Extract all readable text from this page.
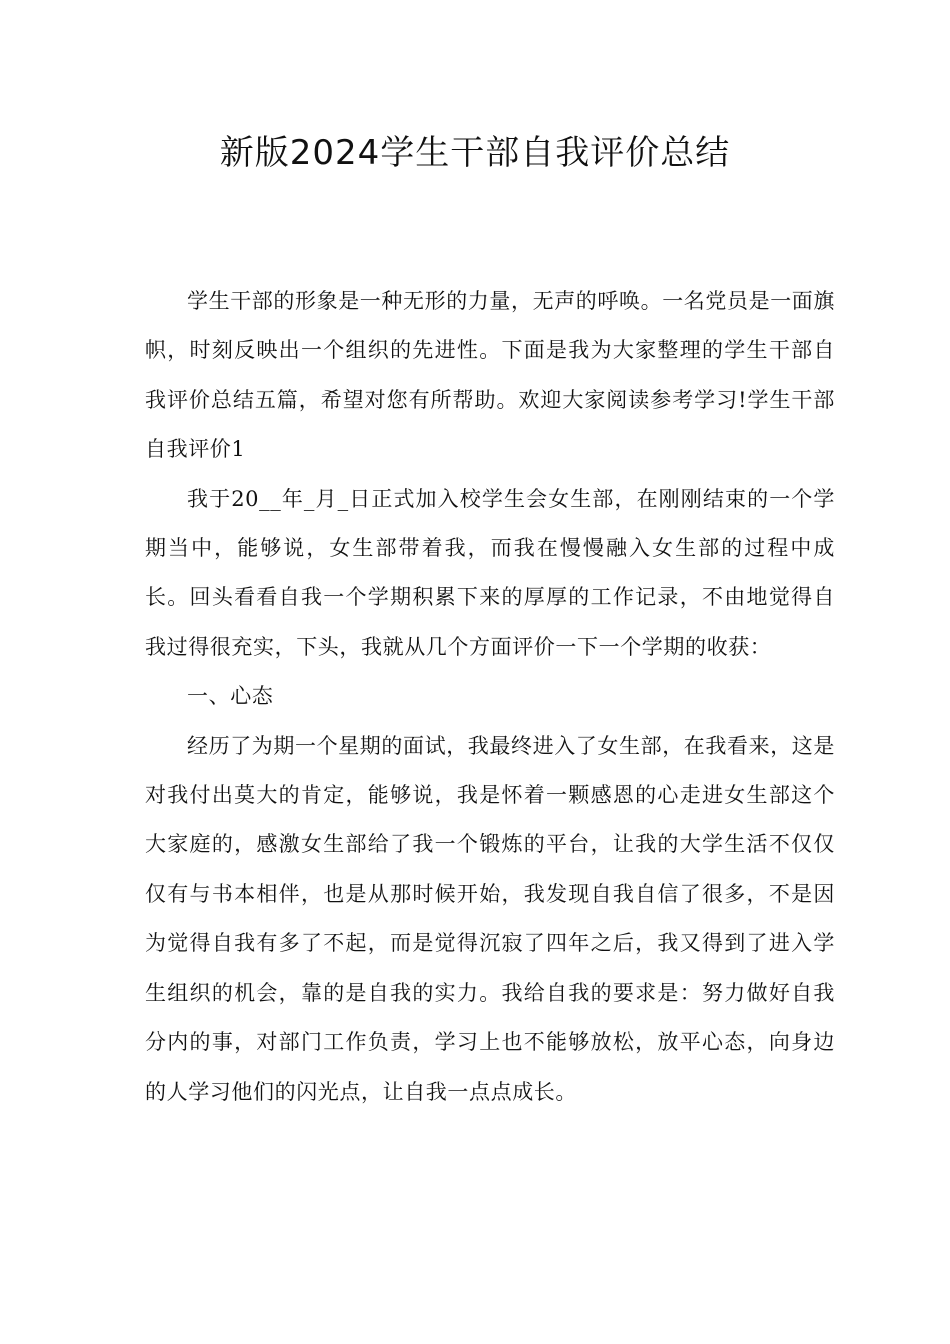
新版2024学生干部自我评价总结

学生干部的形象是一种无形的力量，无声的呼唤。一名党员是一面旗帜，时刻反映出一个组织的先进性。下面是我为大家整理的学生干部自我评价总结五篇，希望对您有所帮助。欢迎大家阅读参考学习!学生干部自我评价1

我于20__年_月_日正式加入校学生会女生部，在刚刚结束的一个学期当中，能够说，女生部带着我，而我在慢慢融入女生部的过程中成长。回头看看自我一个学期积累下来的厚厚的工作记录，不由地觉得自我过得很充实，下头，我就从几个方面评价一下一个学期的收获：

一、心态

经历了为期一个星期的面试，我最终进入了女生部，在我看来，这是对我付出莫大的肯定，能够说，我是怀着一颗感恩的心走进女生部这个大家庭的，感激女生部给了我一个锻炼的平台，让我的大学生活不仅仅仅有与书本相伴，也是从那时候开始，我发现自我自信了很多，不是因为觉得自我有多了不起，而是觉得沉寂了四年之后，我又得到了进入学生组织的机会，靠的是自我的实力。我给自我的要求是：努力做好自我分内的事，对部门工作负责，学习上也不能够放松，放平心态，向身边的人学习他们的闪光点，让自我一点点成长。
